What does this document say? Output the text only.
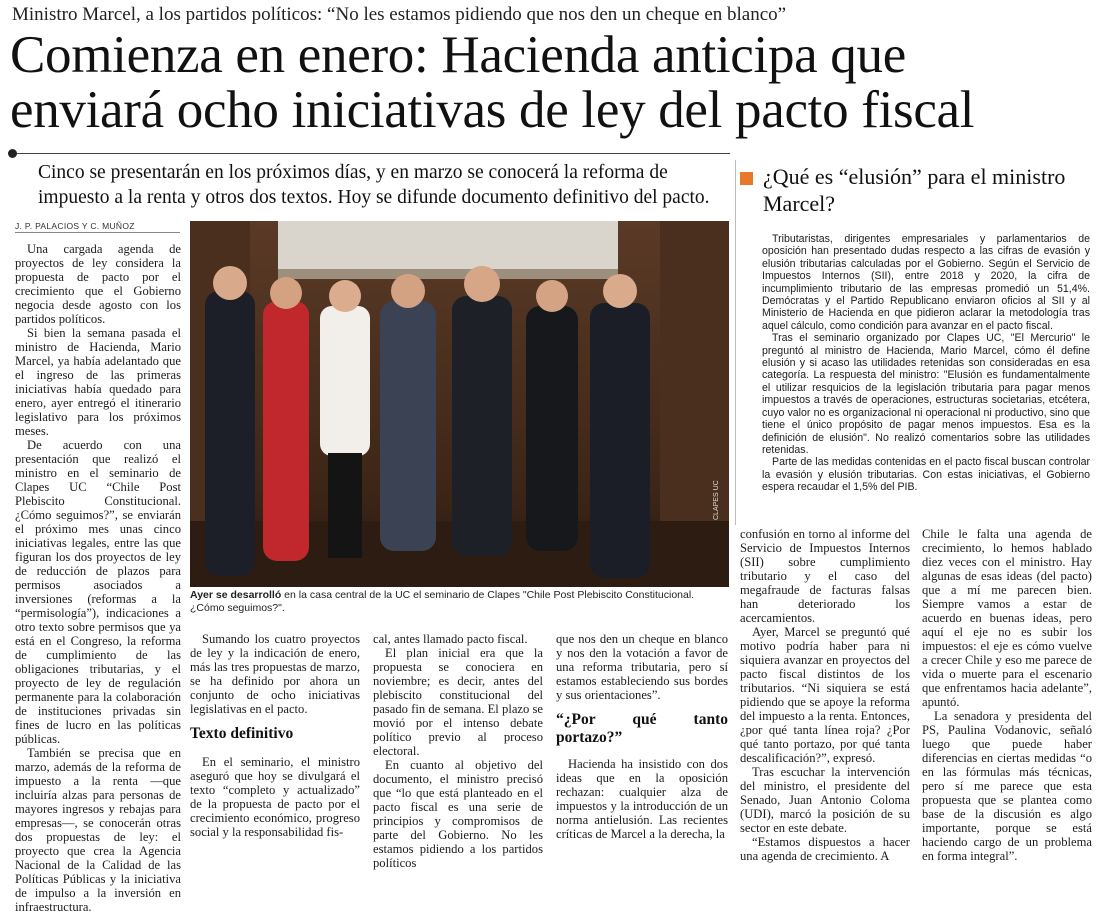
Ministro Marcel, a los partidos políticos: “No les estamos pidiendo que nos den un cheque en blanco”
Comienza en enero: Hacienda anticipa que
enviará ocho iniciativas de ley del pacto fiscal
Cinco se presentarán en los próximos días, y en marzo se conocerá la reforma de
impuesto a la renta y otros dos textos. Hoy se difunde documento definitivo del pacto.
J. P. PALACIOS Y C. MUÑOZ

Una cargada agenda de proyectos de ley considera la propuesta de pacto por el crecimiento que el Gobierno negocia desde agosto con los partidos políticos.

Si bien la semana pasada el ministro de Hacienda, Mario Marcel, ya había adelantado que el ingreso de las primeras iniciativas había quedado para enero, ayer entregó el itinerario legislativo para los próximos meses.

De acuerdo con una presentación que realizó el ministro en el seminario de Clapes UC “Chile Post Plebiscito Constitucional. ¿Cómo seguimos?”, se enviarán el próximo mes unas cinco iniciativas legales, entre las que figuran los dos proyectos de ley de reducción de plazos para permisos asociados a inversiones (reformas a la “permisología”), indicaciones a otro texto sobre permisos que ya está en el Congreso, la reforma de cumplimiento de las obligaciones tributarias, y el proyecto de ley de regulación permanente para la colaboración de instituciones privadas sin fines de lucro en las políticas públicas.

También se precisa que en marzo, además de la reforma de impuesto a la renta —que incluiría alzas para personas de mayores ingresos y rebajas para empresas—, se conocerán otras dos propuestas de ley: el proyecto que crea la Agencia Nacional de la Calidad de las Políticas Públicas y la iniciativa de impulso a la inversión en infraestructura.

CLAPES UC
Ayer se desarrolló en la casa central de la UC el seminario de Clapes "Chile Post Plebiscito Constitucional. ¿Cómo seguimos?".

Sumando los cuatro proyectos de ley y la indicación de enero, más las tres propuestas de marzo, se ha definido por ahora un conjunto de ocho iniciativas legislativas en el pacto.

Texto definitivo

En el seminario, el ministro aseguró que hoy se divulgará el texto “completo y actualizado” de la propuesta de pacto por el crecimiento económico, progreso social y la responsabilidad fis-

cal, antes llamado pacto fiscal.

El plan inicial era que la propuesta se conociera en noviembre; es decir, antes del plebiscito constitucional del pasado fin de semana. El plazo se movió por el intenso debate político previo al proceso electoral.

En cuanto al objetivo del documento, el ministro precisó que “lo que está planteado en el pacto fiscal es una serie de principios y compromisos de parte del Gobierno. No les estamos pidiendo a los partidos políticos

que nos den un cheque en blanco y nos den la votación a favor de una reforma tributaria, pero sí estamos estableciendo sus bordes y sus orientaciones”.

“¿Por qué tanto portazo?”

Hacienda ha insistido con dos ideas que en la oposición rechazan: cualquier alza de impuestos y la introducción de un norma antielusión. Las recientes críticas de Marcel a la derecha, la

confusión en torno al informe del Servicio de Impuestos Internos (SII) sobre cumplimiento tributario y el caso del megafraude de facturas falsas han deteriorado los acercamientos.

Ayer, Marcel se preguntó qué motivo podría haber para ni siquiera avanzar en proyectos del pacto fiscal distintos de los tributarios. “Ni siquiera se está pidiendo que se apoye la reforma del impuesto a la renta. Entonces, ¿por qué tanta línea roja? ¿Por qué tanto portazo, por qué tanta descalificación?”, expresó.

Tras escuchar la intervención del ministro, el presidente del Senado, Juan Antonio Coloma (UDI), marcó la posición de su sector en este debate.

“Estamos dispuestos a hacer una agenda de crecimiento. A

Chile le falta una agenda de crecimiento, lo hemos hablado diez veces con el ministro. Hay algunas de esas ideas (del pacto) que a mí me parecen bien. Siempre vamos a estar de acuerdo en buenas ideas, pero aquí el eje no es subir los impuestos: el eje es cómo vuelve a crecer Chile y eso me parece de vida o muerte para el escenario que enfrentamos hacia adelante”, apuntó.

La senadora y presidenta del PS, Paulina Vodanovic, señaló luego que puede haber diferencias en ciertas medidas “o en las fórmulas más técnicas, pero sí me parece que esta propuesta que se plantea como base de la discusión es algo importante, porque se está haciendo cargo de un problema en forma integral”.

¿Qué es “elusión” para el ministro Marcel?

Tributaristas, dirigentes empresariales y parlamentarios de oposición han presentado dudas respecto a las cifras de evasión y elusión tributarias calculadas por el Gobierno. Según el Servicio de Impuestos Internos (SII), entre 2018 y 2020, la cifra de incumplimiento tributario de las empresas promedió un 51,4%. Demócratas y el Partido Republicano enviaron oficios al SII y al Ministerio de Hacienda en que pidieron aclarar la metodología tras aquel cálculo, como condición para avanzar en el pacto fiscal.

Tras el seminario organizado por Clapes UC, "El Mercurio" le preguntó al ministro de Hacienda, Mario Marcel, cómo él define elusión y si acaso las utilidades retenidas son consideradas en esa categoría. La respuesta del ministro: "Elusión es fundamentalmente el utilizar resquicios de la legislación tributaria para pagar menos impuestos a través de operaciones, estructuras societarias, etcétera, cuyo valor no es organizacional ni operacional ni productivo, sino que tiene el único propósito de pagar menos impuestos. Esa es la definición de elusión". No realizó comentarios sobre las utilidades retenidas.

Parte de las medidas contenidas en el pacto fiscal buscan controlar la evasión y elusión tributarias. Con estas iniciativas, el Gobierno espera recaudar el 1,5% del PIB.
